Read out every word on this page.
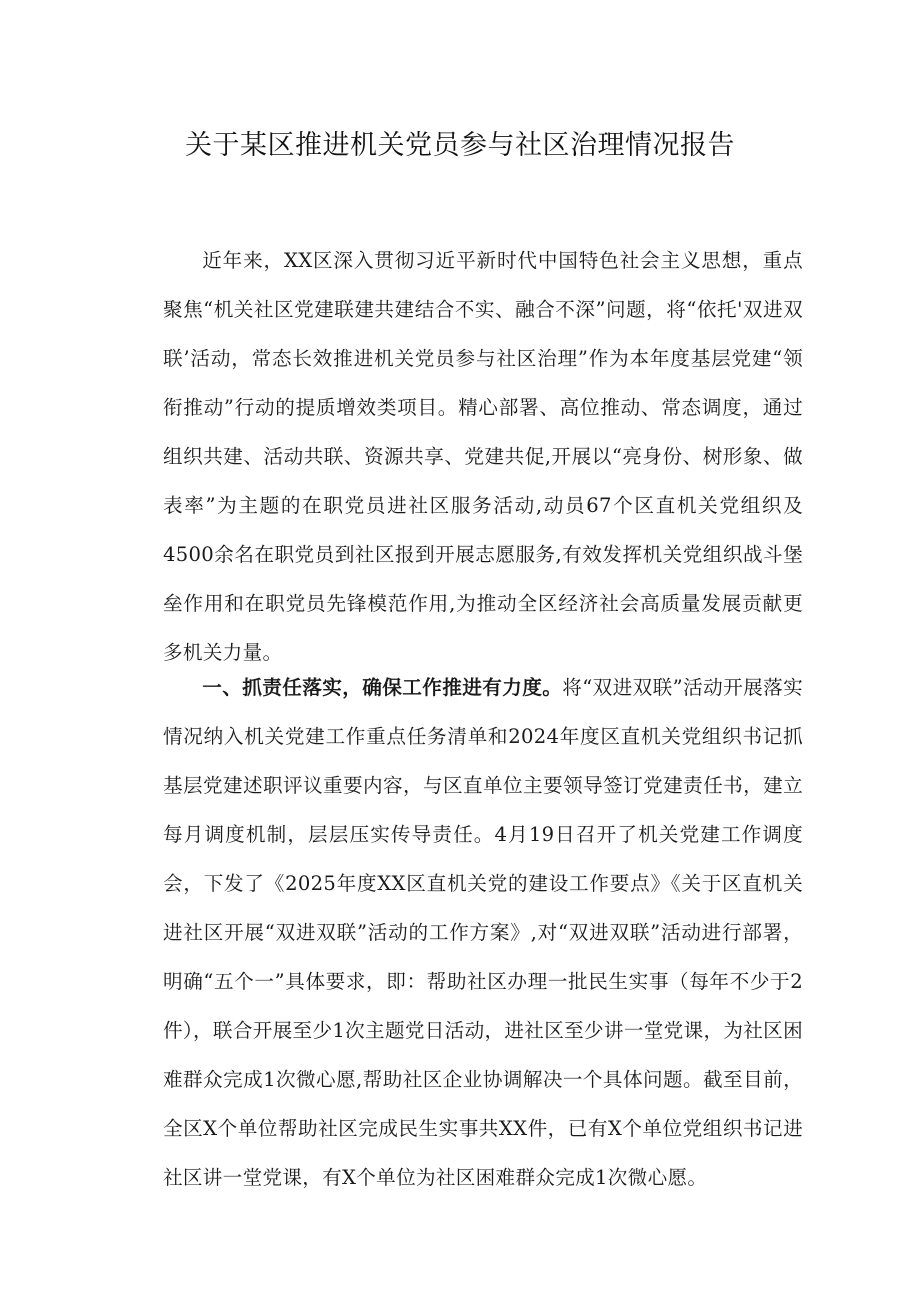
关于某区推进机关党员参与社区治理情况报告

近年来，XX区深入贯彻习近平新时代中国特色社会主义思想，重点聚焦“机关社区党建联建共建结合不实、融合不深”问题，将“依托'双进双联’活动，常态长效推进机关党员参与社区治理”作为本年度基层党建“领衔推动”行动的提质增效类项目。精心部署、高位推动、常态调度，通过组织共建、活动共联、资源共享、党建共促,开展以“亮身份、树形象、做表率”为主题的在职党员进社区服务活动,动员67个区直机关党组织及4500余名在职党员到社区报到开展志愿服务,有效发挥机关党组织战斗堡垒作用和在职党员先锋模范作用,为推动全区经济社会高质量发展贡献更多机关力量。

一、抓责任落实，确保工作推进有力度。将“双进双联”活动开展落实情况纳入机关党建工作重点任务清单和2024年度区直机关党组织书记抓基层党建述职评议重要内容，与区直单位主要领导签订党建责任书，建立每月调度机制，层层压实传导责任。4月19日召开了机关党建工作调度会，下发了《2025年度XX区直机关党的建设工作要点》《关于区直机关进社区开展“双进双联”活动的工作方案》,对“双进双联”活动进行部署，明确“五个一”具体要求，即：帮助社区办理一批民生实事（每年不少于2件），联合开展至少1次主题党日活动，进社区至少讲一堂党课，为社区困难群众完成1次微心愿,帮助社区企业协调解决一个具体问题。截至目前，全区X个单位帮助社区完成民生实事共XX件，已有X个单位党组织书记进社区讲一堂党课，有X个单位为社区困难群众完成1次微心愿。
